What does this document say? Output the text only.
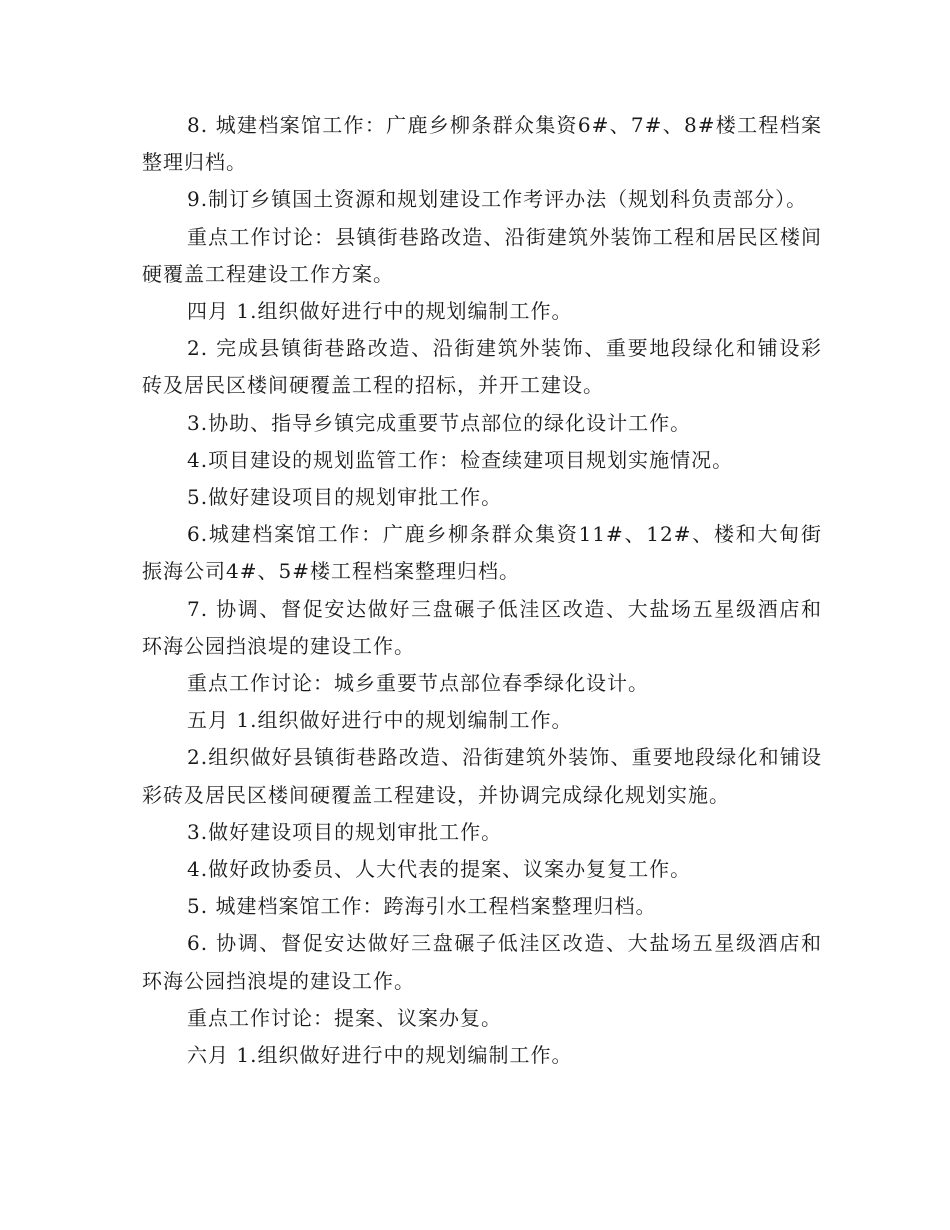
8. 城建档案馆工作：广鹿乡柳条群众集资6#、7#、8#楼工程档案整理归档。

9.制订乡镇国土资源和规划建设工作考评办法（规划科负责部分）。

重点工作讨论：县镇街巷路改造、沿街建筑外装饰工程和居民区楼间硬覆盖工程建设工作方案。

四月 1.组织做好进行中的规划编制工作。

2. 完成县镇街巷路改造、沿街建筑外装饰、重要地段绿化和铺设彩砖及居民区楼间硬覆盖工程的招标，并开工建设。

3.协助、指导乡镇完成重要节点部位的绿化设计工作。

4.项目建设的规划监管工作：检查续建项目规划实施情况。

5.做好建设项目的规划审批工作。

6.城建档案馆工作：广鹿乡柳条群众集资11#、12#、楼和大甸街振海公司4#、5#楼工程档案整理归档。

7. 协调、督促安达做好三盘碾子低洼区改造、大盐场五星级酒店和环海公园挡浪堤的建设工作。

重点工作讨论：城乡重要节点部位春季绿化设计。

五月 1.组织做好进行中的规划编制工作。

2.组织做好县镇街巷路改造、沿街建筑外装饰、重要地段绿化和铺设彩砖及居民区楼间硬覆盖工程建设，并协调完成绿化规划实施。

3.做好建设项目的规划审批工作。

4.做好政协委员、人大代表的提案、议案办复复工作。

5. 城建档案馆工作：跨海引水工程档案整理归档。

6. 协调、督促安达做好三盘碾子低洼区改造、大盐场五星级酒店和环海公园挡浪堤的建设工作。

重点工作讨论：提案、议案办复。

六月 1.组织做好进行中的规划编制工作。
